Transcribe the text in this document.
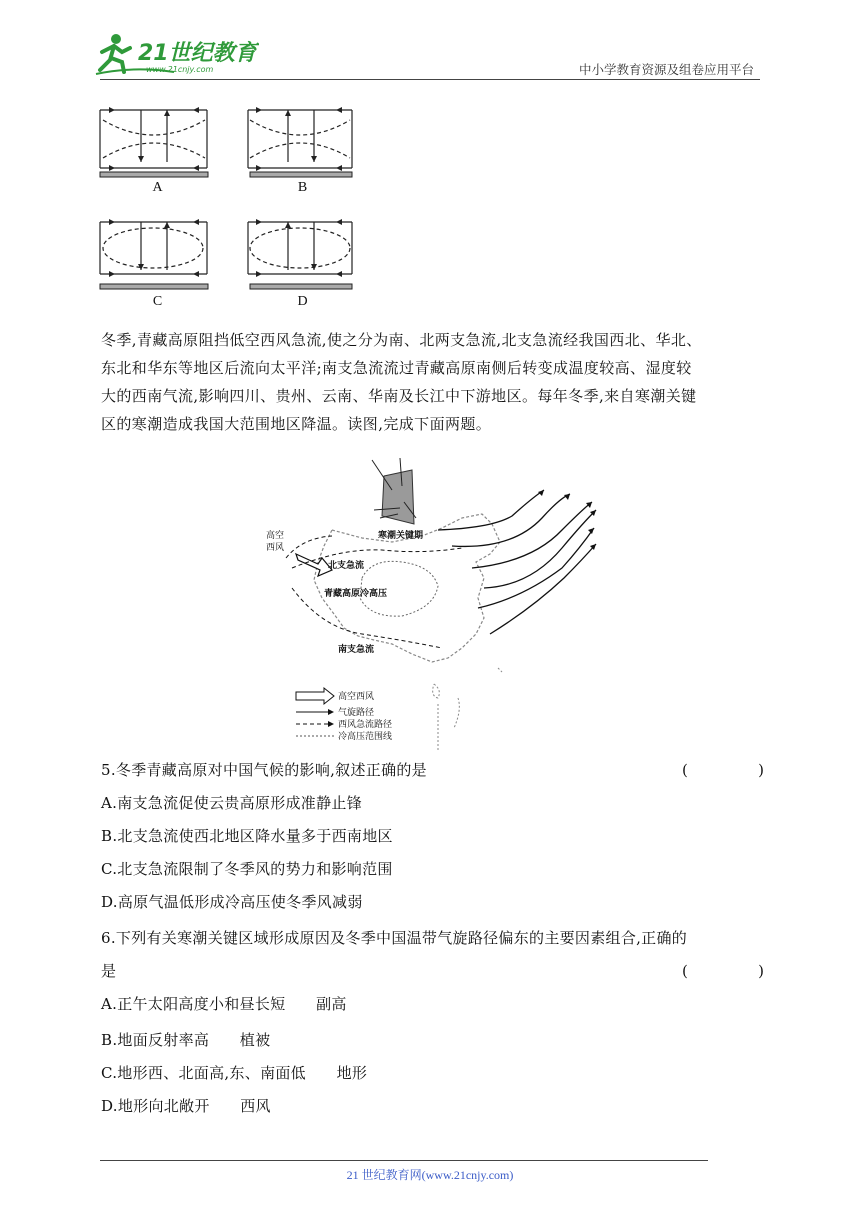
21世纪教育
www.21cnjy.com	中小学教育资源及组卷应用平台
A	B
C	D
冬季,青藏高原阻挡低空西风急流,使之分为南、北两支急流,北支急流经我国西北、华北、
东北和华东等地区后流向太平洋;南支急流流过青藏高原南侧后转变成温度较高、湿度较
大的西南气流,影响四川、贵州、云南、华南及长江中下游地区。每年冬季,来自寒潮关键
区的寒潮造成我国大范围地区降温。读图,完成下面两题。
寒潮关键期
高空
西风
北支急流
青藏高原冷高压
南支急流
高空西风
气旋路径
西风急流路径
冷高压范围线
5.冬季青藏高原对中国气候的影响,叙述正确的是	(	)
A.南支急流促使云贵高原形成准静止锋
B.北支急流使西北地区降水量多于西南地区
C.北支急流限制了冬季风的势力和影响范围
D.高原气温低形成冷高压使冬季风减弱
6.下列有关寒潮关键区域形成原因及冬季中国温带气旋路径偏东的主要因素组合,正确的
是	(	)
A.正午太阳高度小和昼长短　　副高
B.地面反射率高　　植被
C.地形西、北面高,东、南面低　　地形
D.地形向北敞开　　西风
21 世纪教育网(www.21cnjy.com)
